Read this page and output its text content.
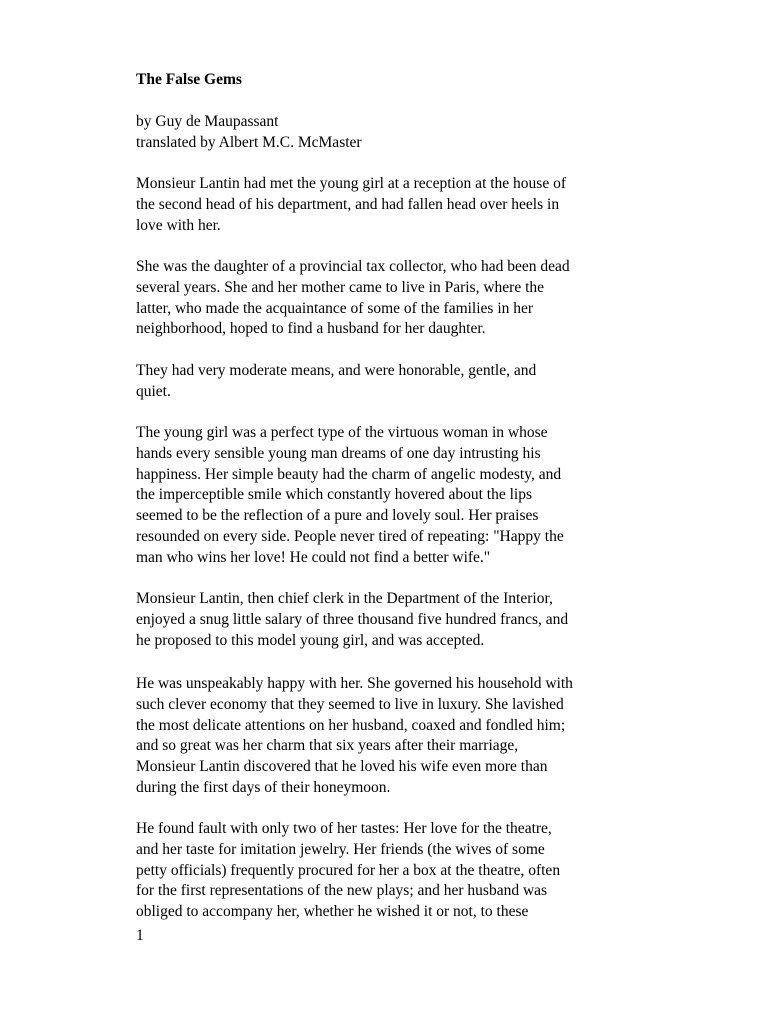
The False Gems
by Guy de Maupassant
translated by Albert M.C. McMaster

Monsieur Lantin had met the young girl at a reception at the house of
the second head of his department, and had fallen head over heels in
love with her.

She was the daughter of a provincial tax collector, who had been dead
several years. She and her mother came to live in Paris, where the
latter, who made the acquaintance of some of the families in her
neighborhood, hoped to find a husband for her daughter.

They had very moderate means, and were honorable, gentle, and
quiet.

The young girl was a perfect type of the virtuous woman in whose
hands every sensible young man dreams of one day intrusting his
happiness. Her simple beauty had the charm of angelic modesty, and
the imperceptible smile which constantly hovered about the lips
seemed to be the reflection of a pure and lovely soul. Her praises
resounded on every side. People never tired of repeating: "Happy the
man who wins her love! He could not find a better wife."

Monsieur Lantin, then chief clerk in the Department of the Interior,
enjoyed a snug little salary of three thousand five hundred francs, and
he proposed to this model young girl, and was accepted.

He was unspeakably happy with her. She governed his household with
such clever economy that they seemed to live in luxury. She lavished
the most delicate attentions on her husband, coaxed and fondled him;
and so great was her charm that six years after their marriage,
Monsieur Lantin discovered that he loved his wife even more than
during the first days of their honeymoon.

He found fault with only two of her tastes: Her love for the theatre,
and her taste for imitation jewelry. Her friends (the wives of some
petty officials) frequently procured for her a box at the theatre, often
for the first representations of the new plays; and her husband was
obliged to accompany her, whether he wished it or not, to these

1
